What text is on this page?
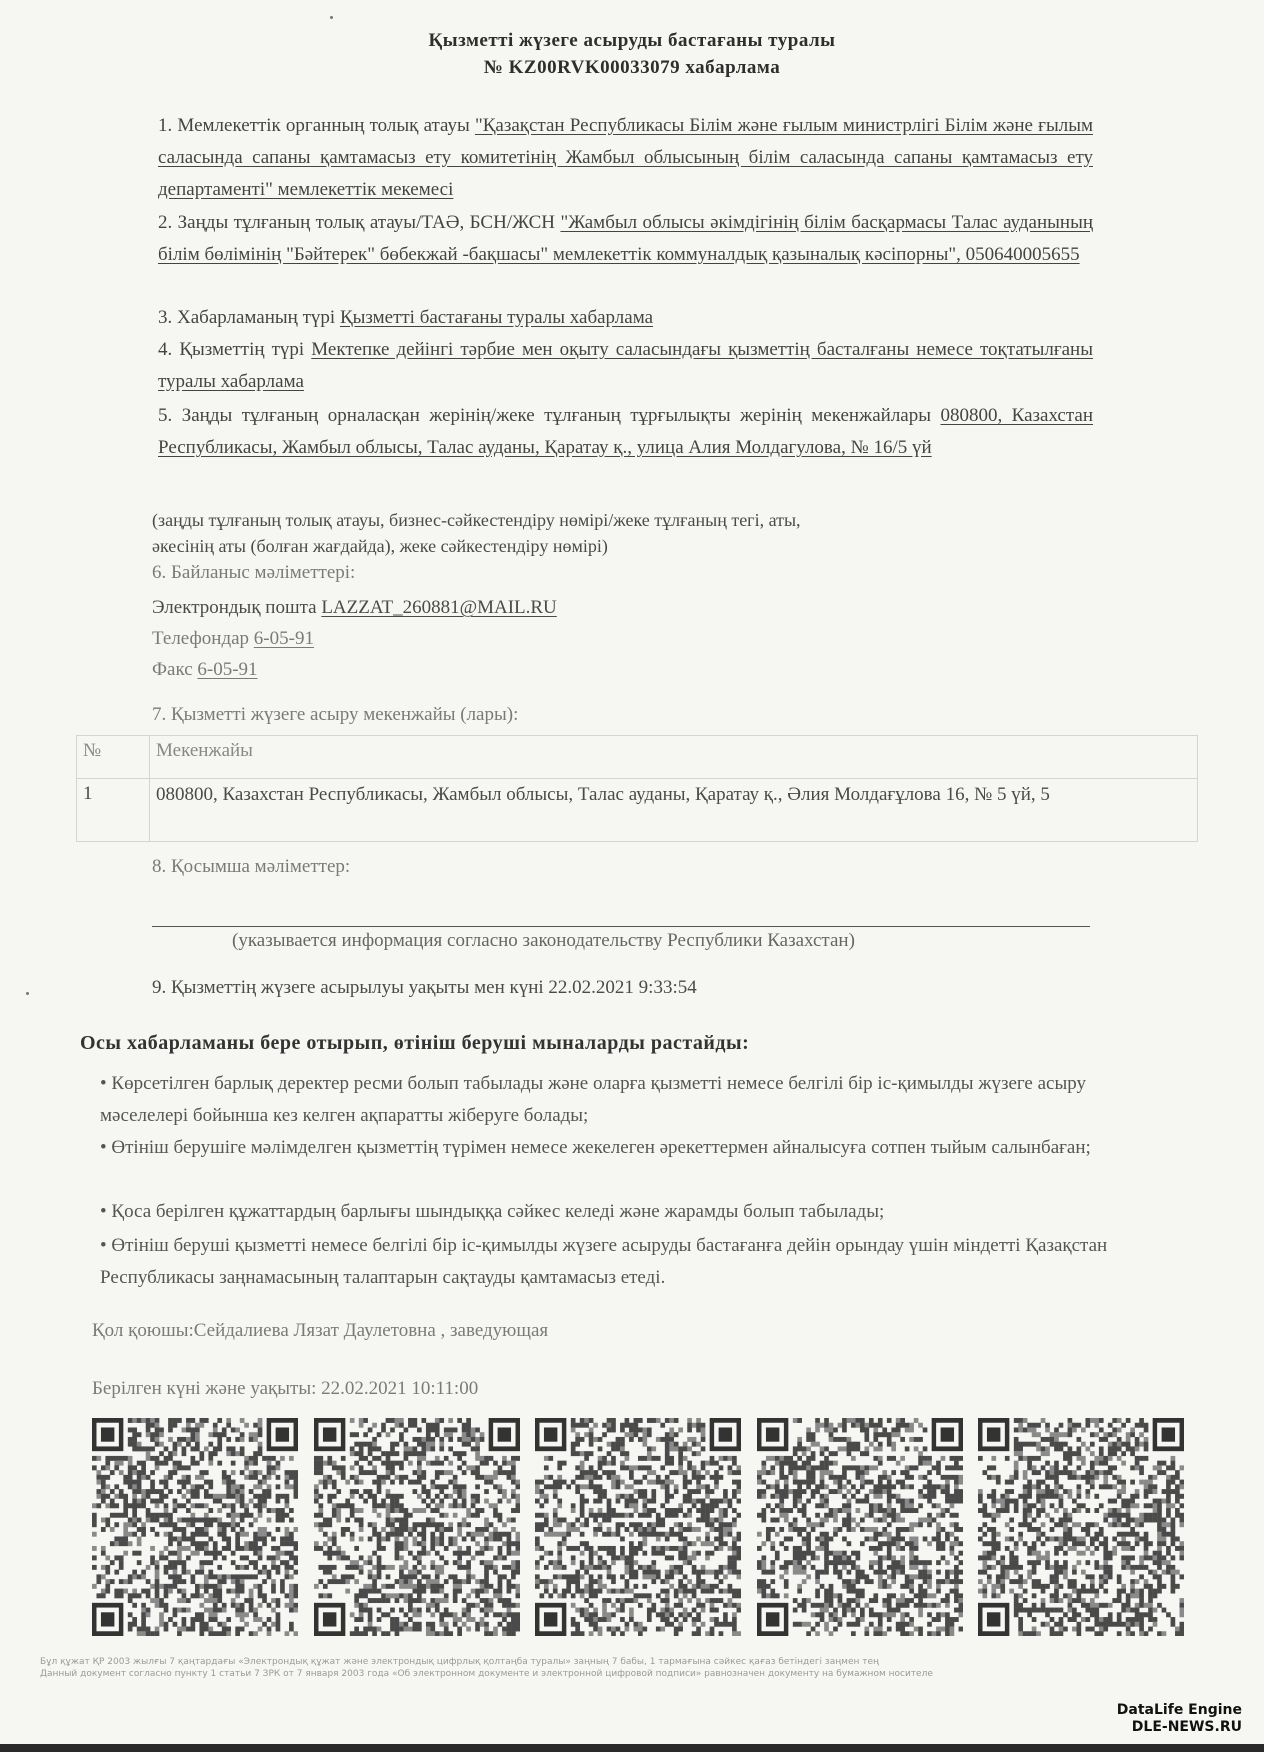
Қызметті жүзеге асыруды бастағаны туралы
№ KZ00RVK00033079 хабарлама
1. Мемлекеттік органның толық атауы "Қазақстан Республикасы Білім және ғылым министрлігі Білім және ғылым саласында сапаны қамтамасыз ету комитетінің Жамбыл облысының білім саласында сапаны қамтамасыз ету департаменті" мемлекеттік мекемесі
2. Заңды тұлғаның толық атауы/ТАӘ, БСН/ЖСН "Жамбыл облысы әкімдігінің білім басқармасы Талас ауданының білім бөлімінің "Бәйтерек" бөбекжай -бақшасы" мемлекеттік коммуналдық қазыналық кәсіпорны", 050640005655
3. Хабарламаның түрі Қызметті бастағаны туралы хабарлама
4. Қызметтің түрі Мектепке дейінгі тәрбие мен оқыту саласындағы қызметтің басталғаны немесе тоқтатылғаны туралы хабарлама
5. Заңды тұлғаның орналасқан жерінің/жеке тұлғаның тұрғылықты жерінің мекенжайлары 080800, Казахстан Республикасы, Жамбыл облысы, Талас ауданы, Қаратау қ., улица Алия Молдагулова, № 16/5 үй
(заңды тұлғаның толық атауы, бизнес-сәйкестендіру нөмірі/жеке тұлғаның тегі, аты,
әкесінің аты (болған жағдайда), жеке сәйкестендіру нөмірі)
6. Байланыс мәліметтері:
Электрондық пошта LAZZAT_260881@MAIL.RU
Телефондар 6-05-91
Факс 6-05-91
7. Қызметті жүзеге асыру мекенжайы (лары):
№	Мекенжайы
1	080800, Казахстан Республикасы, Жамбыл облысы, Талас ауданы, Қаратау қ., Әлия Молдағұлова 16, № 5 үй, 5
8. Қосымша мәліметтер:
(указывается информация согласно законодательству Республики Казахстан)
9. Қызметтің жүзеге асырылуы уақыты мен күні 22.02.2021 9:33:54
Осы хабарламаны бере отырып, өтініш беруші мыналарды растайды:
• Көрсетілген барлық деректер ресми болып табылады және оларға қызметті немесе белгілі бір іс-қимылды жүзеге асыру мәселелері бойынша кез келген ақпаратты жіберуге болады;
• Өтініш берушіге мәлімделген қызметтің түрімен немесе жекелеген әрекеттермен айналысуға сотпен тыйым салынбаған;
• Қоса берілген құжаттардың барлығы шындыққа сәйкес келеді және жарамды болып табылады;
• Өтініш беруші қызметті немесе белгілі бір іс-қимылды жүзеге асыруды бастағанға дейін орындау үшін міндетті Қазақстан Республикасы заңнамасының талаптарын сақтауды қамтамасыз етеді.
Қол қоюшы:Сейдалиева Лязат Даулетовна , заведующая
Берілген күні және уақыты: 22.02.2021 10:11:00
Бұл құжат ҚР 2003 жылғы 7 қаңтардағы «Электрондық құжат және электрондық цифрлық қолтаңба туралы» заңның 7 бабы, 1 тармағына сәйкес қағаз бетіндегі заңмен тең
Данный документ согласно пункту 1 статьи 7 ЗРК от 7 января 2003 года «Об электронном документе и электронной цифровой подписи» равнозначен документу на бумажном носителе
DataLife Engine
DLE-NEWS.RU
